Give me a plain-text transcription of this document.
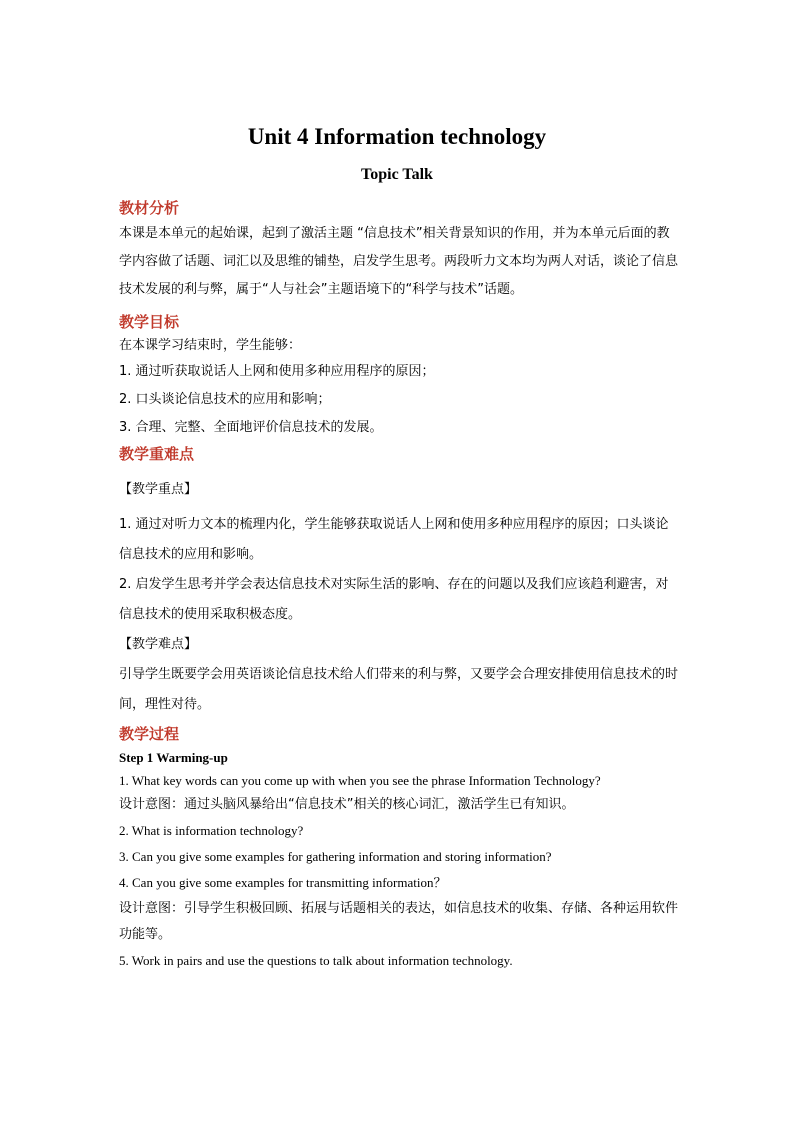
Unit 4 Information technology
Topic Talk
教材分析

本课是本单元的起始课，起到了激活主题 “信息技术”相关背景知识的作用，并为本单元后面的教学内容做了话题、词汇以及思维的铺垫，启发学生思考。两段听力文本均为两人对话，谈论了信息技术发展的利与弊，属于“人与社会”主题语境下的“科学与技术”话题。

教学目标

在本课学习结束时，学生能够：

1. 通过听获取说话人上网和使用多种应用程序的原因；

2. 口头谈论信息技术的应用和影响；

3. 合理、完整、全面地评价信息技术的发展。

教学重难点

【教学重点】

1. 通过对听力文本的梳理内化，学生能够获取说话人上网和使用多种应用程序的原因；口头谈论信息技术的应用和影响。

2. 启发学生思考并学会表达信息技术对实际生活的影响、存在的问题以及我们应该趋利避害，对信息技术的使用采取积极态度。

【教学难点】

引导学生既要学会用英语谈论信息技术给人们带来的利与弊，又要学会合理安排使用信息技术的时间，理性对待。

教学过程

Step 1 Warming-up

1. What key words can you come up with when you see the phrase Information Technology?

设计意图：通过头脑风暴给出“信息技术”相关的核心词汇，激活学生已有知识。

2. What is information technology?

3. Can you give some examples for gathering information and storing information?

4. Can you give some examples for transmitting information？

设计意图：引导学生积极回顾、拓展与话题相关的表达，如信息技术的收集、存储、各种运用软件功能等。

5. Work in pairs and use the questions to talk about information technology.
